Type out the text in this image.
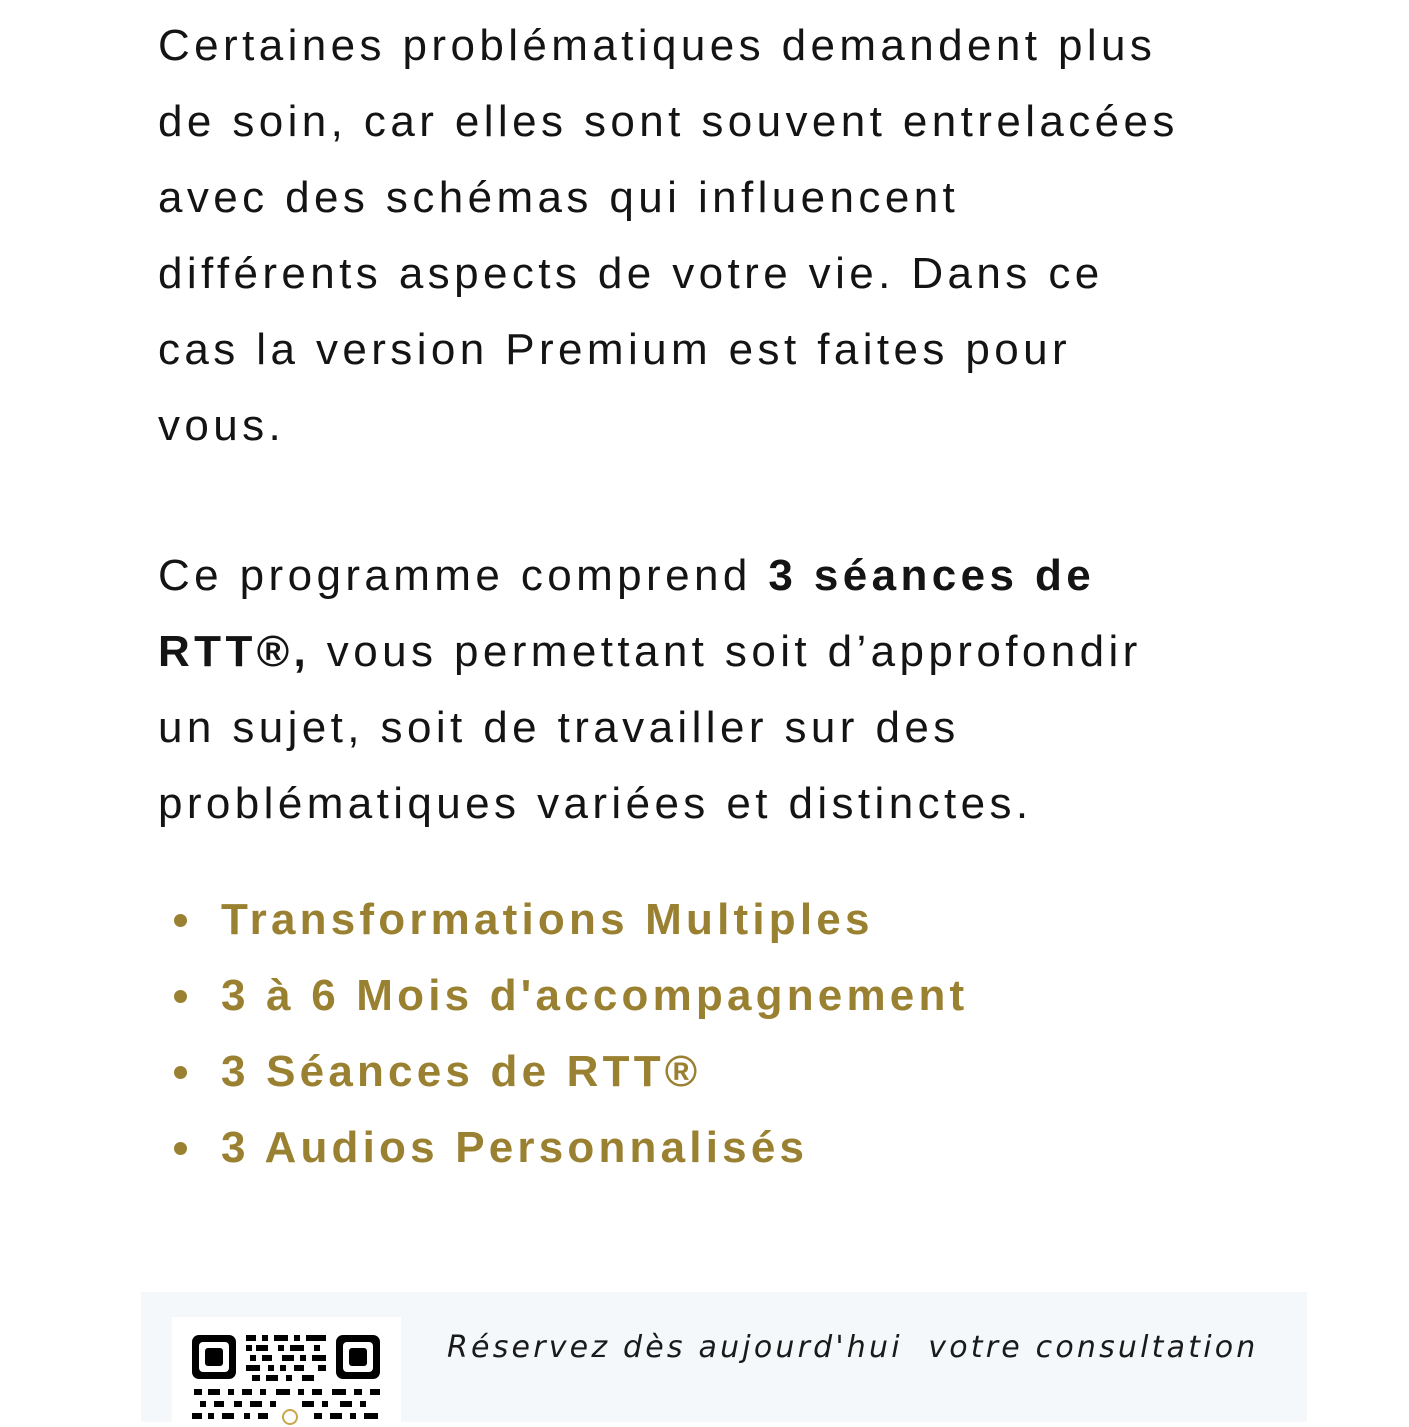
Certaines problématiques demandent plus
de soin, car elles sont souvent entrelacées
avec des schémas qui influencent
différents aspects de votre vie. Dans ce
cas la version Premium est faites pour
vous.

Ce programme comprend 3 séances de
RTT®, vous permettant soit d’approfondir
un sujet, soit de travailler sur des
problématiques variées et distinctes.

Transformations Multiples
3 à 6 Mois d'accompagnement
3 Séances de RTT®
3 Audios Personnalisés
Réservez dès aujourd'hui  votre consultation
